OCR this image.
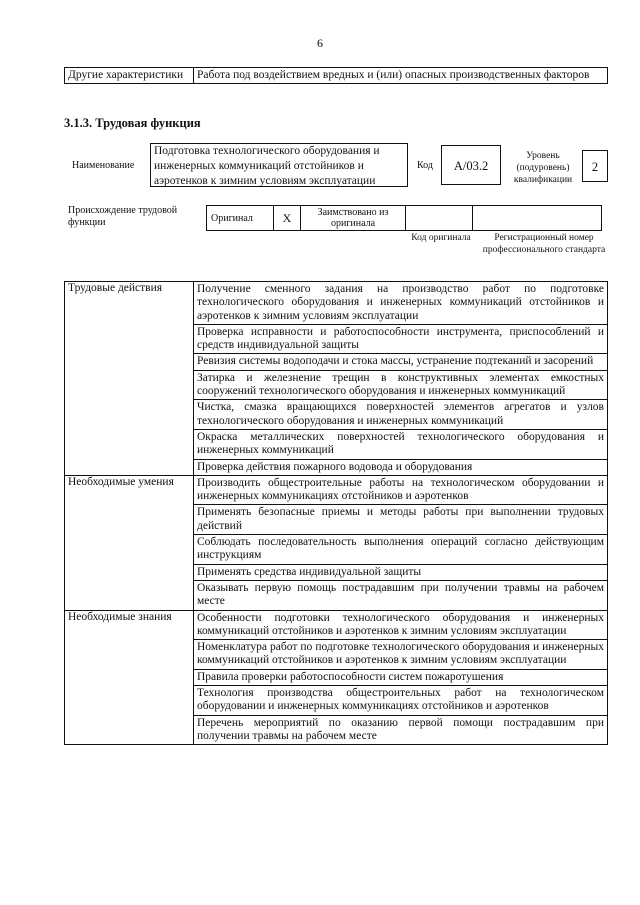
6
Другие характеристики	Работа под воздействием вредных и (или) опасных производственных факторов
3.1.3. Трудовая функция
Наименование
Подготовка технологического оборудования и инженерных коммуникаций отстойников и аэротенков к зимним условиям эксплуатации
Код	A/03.2
Уровень (подуровень) квалификации
2
Происхождение трудовой функции	Оригинал	X	Заимствовано из оригинала		
Код оригинала	Регистрационный номер профессионального стандарта
Трудовые действия	Получение сменного задания на производство работ по подготовке технологического оборудования и инженерных коммуникаций отстойников и аэротенков к зимним условиям эксплуатации
	Проверка исправности и работоспособности инструмента, приспособлений и средств индивидуальной защиты
	Ревизия системы водоподачи и стока массы, устранение подтеканий и засорений
	Затирка и железнение трещин в конструктивных элементах емкостных сооружений технологического оборудования и инженерных коммуникаций
	Чистка, смазка вращающихся поверхностей элементов агрегатов и узлов технологического оборудования и инженерных коммуникаций
	Окраска металлических поверхностей технологического оборудования и инженерных коммуникаций
	Проверка действия пожарного водовода и оборудования
Необходимые умения	Производить общестроительные работы на технологическом оборудовании и инженерных коммуникациях отстойников и аэротенков
	Применять безопасные приемы и методы работы при выполнении трудовых действий
	Соблюдать последовательность выполнения операций согласно действующим инструкциям
	Применять средства индивидуальной защиты
	Оказывать первую помощь пострадавшим при получении травмы на рабочем месте
Необходимые знания	Особенности подготовки технологического оборудования и инженерных коммуникаций отстойников и аэротенков к зимним условиям эксплуатации
	Номенклатура работ по подготовке технологического оборудования и инженерных коммуникаций отстойников и аэротенков к зимним условиям эксплуатации
	Правила проверки работоспособности систем пожаротушения
	Технология производства общестроительных работ на технологическом оборудовании и инженерных коммуникациях отстойников и аэротенков
	Перечень мероприятий по оказанию первой помощи пострадавшим при получении травмы на рабочем месте
